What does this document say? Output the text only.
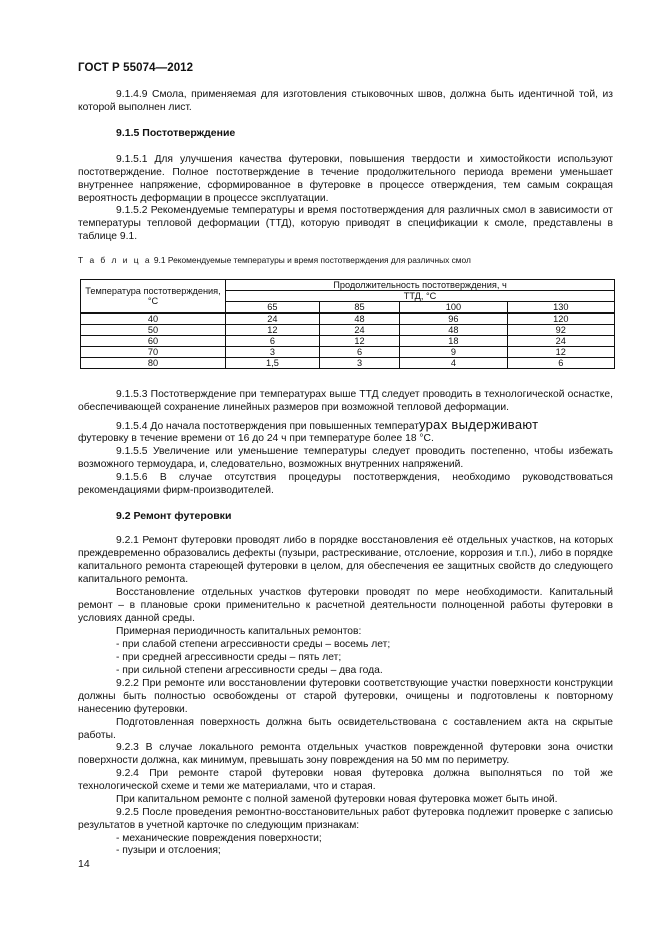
ГОСТ Р 55074—2012

9.1.4.9 Смола, применяемая для изготовления стыковочных швов, должна быть идентичной той, из которой выполнен лист.

9.1.5 Постотверждение

9.1.5.1 Для улучшения качества футеровки, повышения твердости и химостойкости используют постотверждение. Полное постотверждение в течение продолжительного периода времени уменьшает внутреннее напряжение, сформированное в футеровке в процессе отверждения, тем самым сокращая вероятность деформации в процессе эксплуатации.

9.1.5.2 Рекомендуемые температуры и время постотверждения для различных смол в зависимости от температуры тепловой деформации (ТТД), которую приводят в спецификации к смоле, представлены в таблице 9.1.

Т а б л и ц а 9.1 Рекомендуемые температуры и время постотверждения для различных смол
Температура постотверждения, °С	Продолжительность постотверждения, ч			
	ТТД, °С			
	65	85	100	130
40	24	48	96	120
50	12	24	48	92
60	6	12	18	24
70	3	6	9	12
80	1,5	3	4	6

9.1.5.3 Постотверждение при температурах выше ТТД следует проводить в технологической оснастке, обеспечивающей сохранение линейных размеров при возможной тепловой деформации.

9.1.5.4 До начала постотверждения при повышенных температурах выдерживают

футеровку в течение времени от 16 до 24 ч при температуре более 18 °С.

9.1.5.5 Увеличение или уменьшение температуры следует проводить постепенно, чтобы избежать возможного термоудара, и, следовательно, возможных внутренних напряжений.

9.1.5.6 В случае отсутствия процедуры постотверждения, необходимо руководствоваться рекомендациями фирм-производителей.

9.2 Ремонт футеровки

9.2.1 Ремонт футеровки проводят либо в порядке восстановления её отдельных участков, на которых преждевременно образовались дефекты (пузыри, растрескивание, отслоение, коррозия и т.п.), либо в порядке капитального ремонта стареющей футеровки в целом, для обеспечения ее защитных свойств до следующего капитального ремонта.

Восстановление отдельных участков футеровки проводят по мере необходимости. Капитальный ремонт – в плановые сроки применительно к расчетной деятельности полноценной работы футеровки в условиях данной среды.

Примерная периодичность капитальных ремонтов:

- при слабой степени агрессивности среды – восемь лет;

- при средней агрессивности среды – пять лет;

- при сильной степени агрессивности среды – два года.

9.2.2 При ремонте или восстановлении футеровки соответствующие участки поверхности конструкции должны быть полностью освобождены от старой футеровки, очищены и подготовлены к повторному нанесению футеровки.

Подготовленная поверхность должна быть освидетельствована с составлением акта на скрытые работы.

9.2.3 В случае локального ремонта отдельных участков поврежденной футеровки зона очистки поверхности должна, как минимум, превышать зону повреждения на 50 мм по периметру.

9.2.4 При ремонте старой футеровки новая футеровка должна выполняться по той же технологической схеме и теми же материалами, что и старая.

При капитальном ремонте с полной заменой футеровки новая футеровка может быть иной.

9.2.5 После проведения ремонтно-восстановительных работ футеровка подлежит проверке с записью результатов в учетной карточке по следующим признакам:

- механические повреждения поверхности;

- пузыри и отслоения;

14
